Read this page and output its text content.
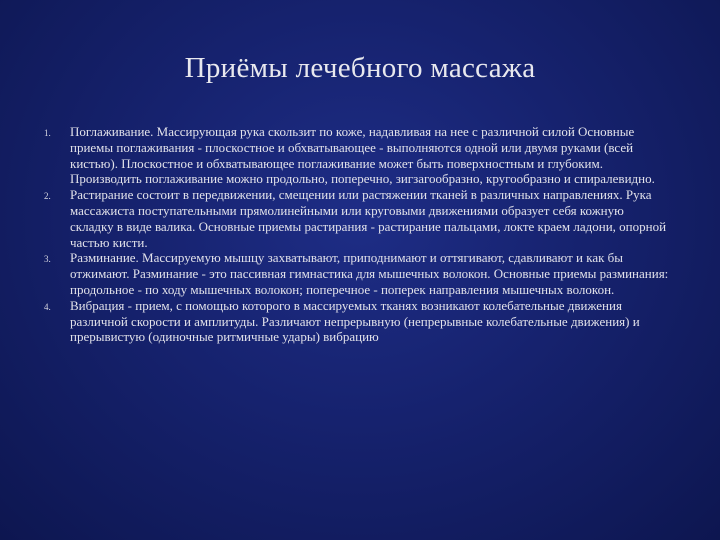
Приёмы лечебного массажа
1.	Поглаживание. Массирующая рука скользит по коже, надавливая на нее с различной силой Основные приемы поглаживания - плоскостное и обхватывающее - выполняются одной или двумя руками (всей кистью). Плоскостное и обхватывающее поглаживание может быть поверхностным и глубоким. Производить поглаживание можно продольно, поперечно, зигзагообразно, кругообразно и спиралевидно.
2.	Растирание состоит в передвижении, смещении или растяжении тканей в различных направлениях. Рука массажиста поступательными прямолинейными или круговыми движениями образует себя кожную складку в виде валика. Основные приемы растирания - растирание пальцами, локте краем ладони, опорной частью кисти.
3.	Разминание. Массируемую мышцу захватывают, приподнимают и оттягивают, сдавливают и как бы отжимают. Разминание - это пассивная гимнастика для мышечных волокон. Основные приемы разминания: продольное - по ходу мышечных волокон; поперечное - поперек направления мышечных волокон.
4.	Вибрация - прием, с помощью которого в массируемых тканях возникают колебательные движения различной скорости и амплитуды. Различают непрерывную (непрерывные колебательные движения) и прерывистую (одиночные ритмичные удары) вибрацию
